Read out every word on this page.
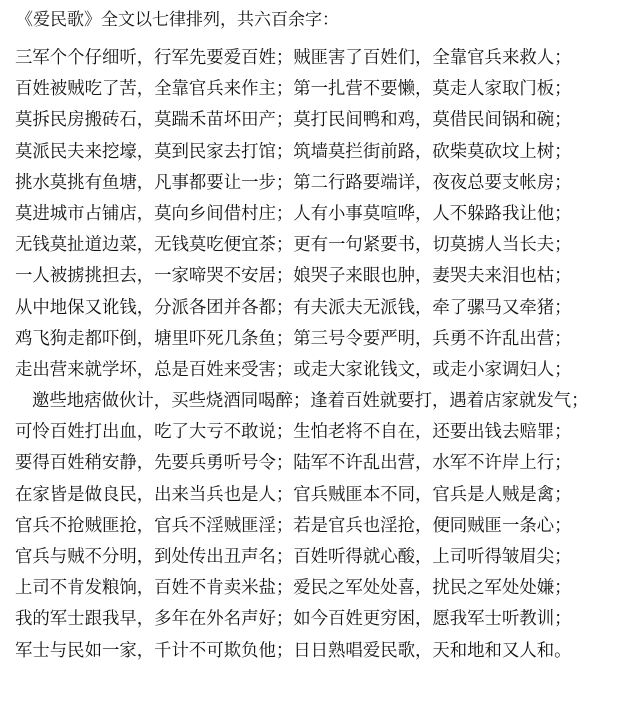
《爱民歌》全文以七律排列，共六百余字：
三军个个仔细听，行军先要爱百姓；贼匪害了百姓们，全靠官兵来救人；
百姓被贼吃了苦，全靠官兵来作主；第一扎营不要懒，莫走人家取门板；
莫拆民房搬砖石，莫踹禾苗坏田产；莫打民间鸭和鸡，莫借民间锅和碗；
莫派民夫来挖壕，莫到民家去打馆；筑墙莫拦街前路，砍柴莫砍坟上树；
挑水莫挑有鱼塘，凡事都要让一步；第二行路要端详，夜夜总要支帐房；
莫进城市占铺店，莫向乡间借村庄；人有小事莫喧哗，人不躲路我让他；
无钱莫扯道边菜，无钱莫吃便宜茶；更有一句紧要书，切莫掳人当长夫；
一人被掳挑担去，一家啼哭不安居；娘哭子来眼也肿，妻哭夫来泪也枯；
从中地保又讹钱，分派各团并各都；有夫派夫无派钱，牵了骡马又牵猪；
鸡飞狗走都吓倒，塘里吓死几条鱼；第三号令要严明，兵勇不许乱出营；
走出营来就学坏，总是百姓来受害；或走大家讹钱文，或走小家调妇人；
邀些地痞做伙计，买些烧酒同喝醉；逢着百姓就要打，遇着店家就发气；
可怜百姓打出血，吃了大亏不敢说；生怕老将不自在，还要出钱去赔罪；
要得百姓稍安静，先要兵勇听号令；陆军不许乱出营，水军不许岸上行；
在家皆是做良民，出来当兵也是人；官兵贼匪本不同，官兵是人贼是禽；
官兵不抢贼匪抢，官兵不淫贼匪淫；若是官兵也淫抢，便同贼匪一条心；
官兵与贼不分明，到处传出丑声名；百姓听得就心酸，上司听得皱眉尖；
上司不肯发粮饷，百姓不肯卖米盐；爱民之军处处喜，扰民之军处处嫌；
我的军士跟我早，多年在外名声好；如今百姓更穷困，愿我军士听教训；
军士与民如一家，千计不可欺负他；日日熟唱爱民歌，天和地和又人和。
